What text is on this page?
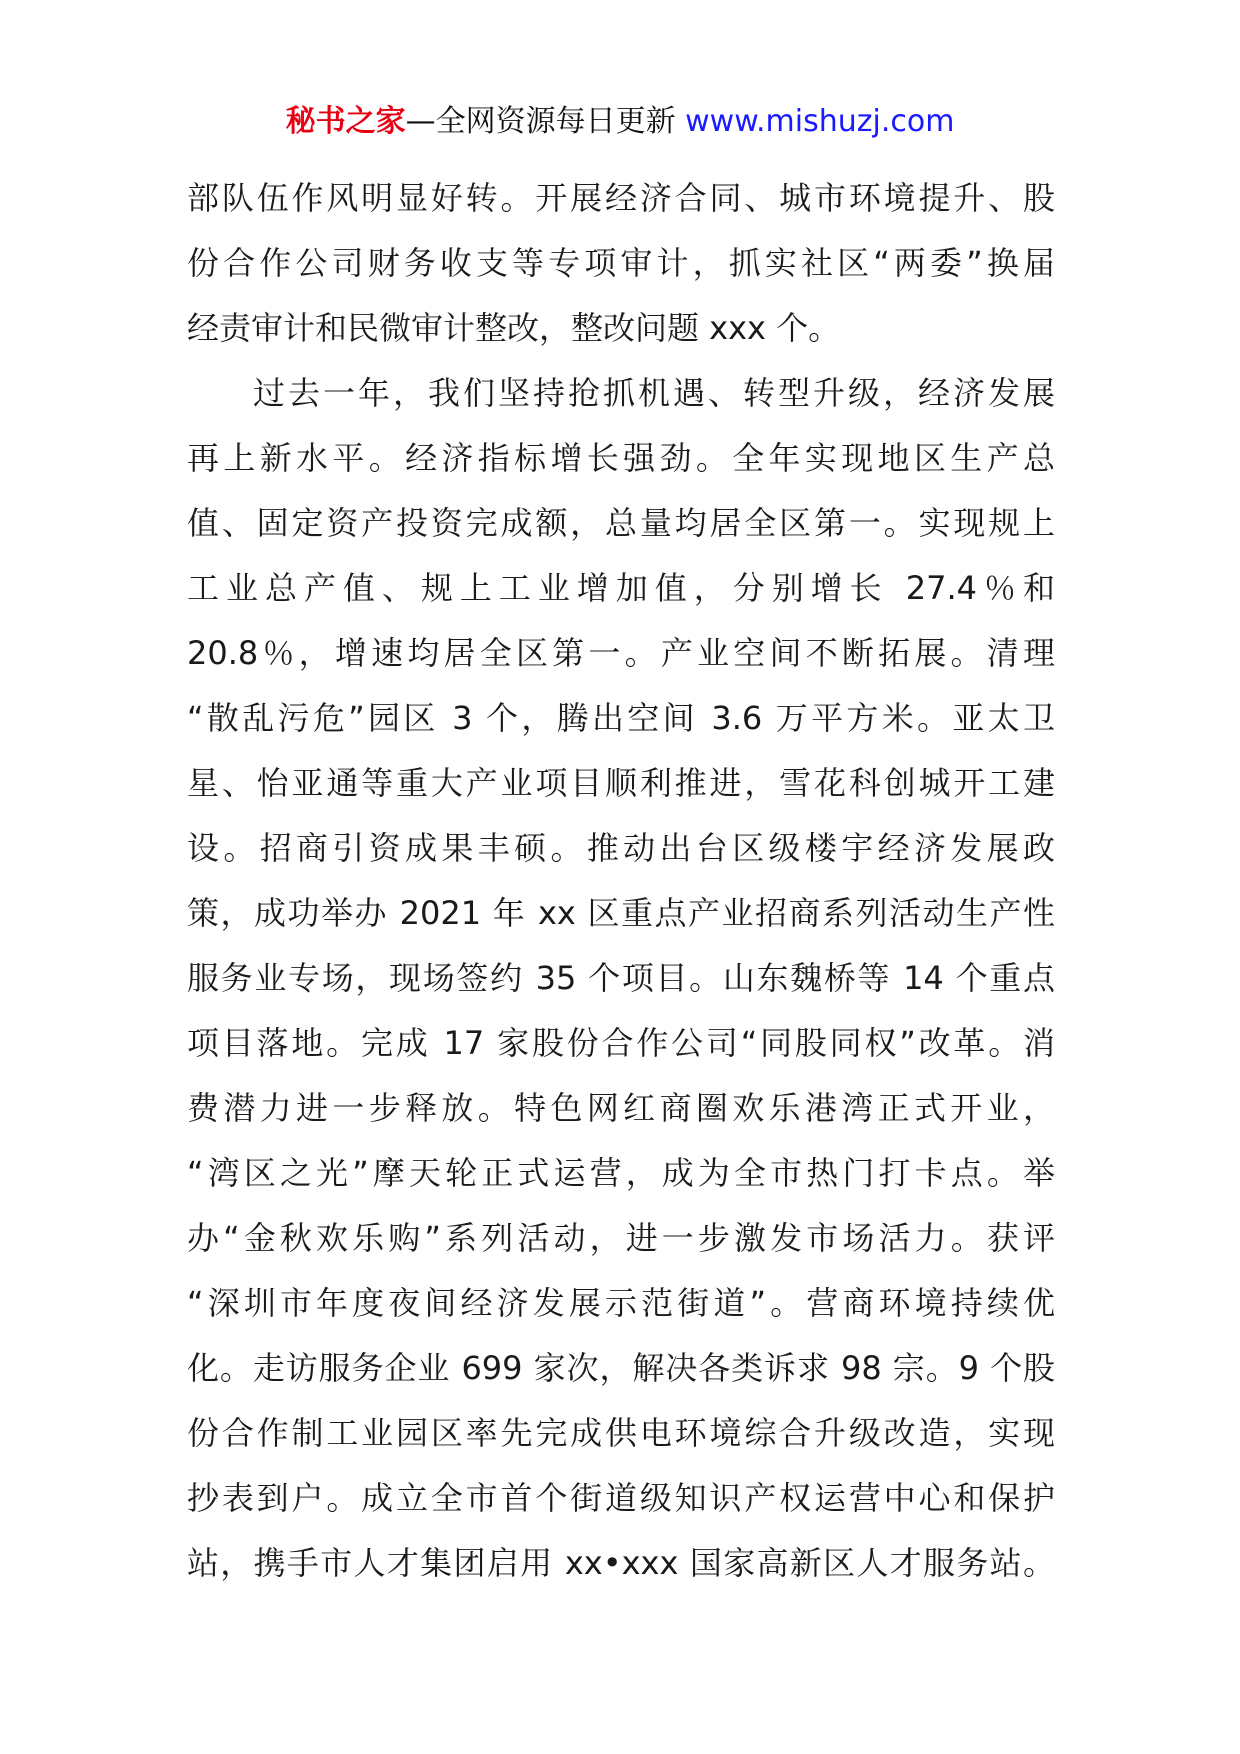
秘书之家—全网资源每日更新 www.mishuzj.com
部队伍作风明显好转。开展经济合同、城市环境提升、股
份合作公司财务收支等专项审计，抓实社区“两委”换届
经责审计和民微审计整改，整改问题 xxx 个。
过去一年，我们坚持抢抓机遇、转型升级，经济发展
再上新水平。经济指标增长强劲。全年实现地区生产总
值、固定资产投资完成额，总量均居全区第一。实现规上
工业总产值、规上工业增加值，分别增长 27.4％和
20.8％，增速均居全区第一。产业空间不断拓展。清理
“散乱污危”园区 3 个，腾出空间 3.6 万平方米。亚太卫
星、怡亚通等重大产业项目顺利推进，雪花科创城开工建
设。招商引资成果丰硕。推动出台区级楼宇经济发展政
策，成功举办 2021 年 xx 区重点产业招商系列活动生产性
服务业专场，现场签约 35 个项目。山东魏桥等 14 个重点
项目落地。完成 17 家股份合作公司“同股同权”改革。消
费潜力进一步释放。特色网红商圈欢乐港湾正式开业，
“湾区之光”摩天轮正式运营，成为全市热门打卡点。举
办“金秋欢乐购”系列活动，进一步激发市场活力。获评
“深圳市年度夜间经济发展示范街道”。营商环境持续优
化。走访服务企业 699 家次，解决各类诉求 98 宗。9 个股
份合作制工业园区率先完成供电环境综合升级改造，实现
抄表到户。成立全市首个街道级知识产权运营中心和保护
站，携手市人才集团启用 xx•xxx 国家高新区人才服务站。
